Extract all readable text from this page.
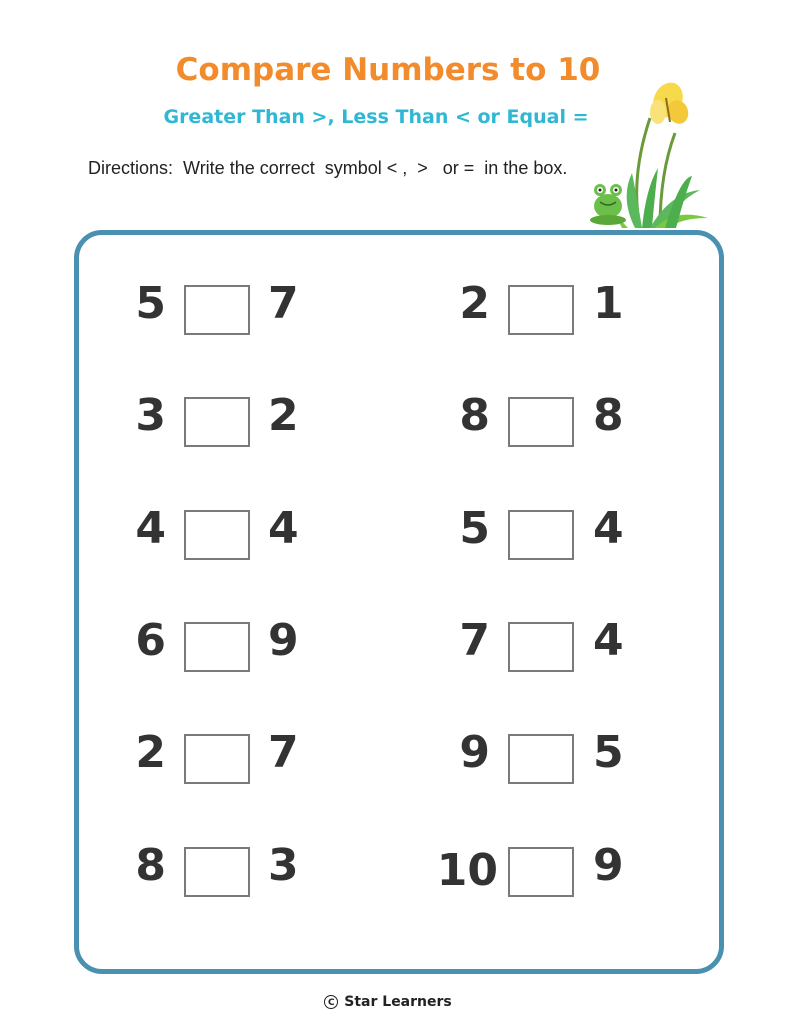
Compare Numbers to 10
Greater Than >, Less Than < or Equal =
Directions:  Write the correct  symbol < ,  >   or =  in the box.
5 7
3 2
4 4
6 9
2 7
8 3
2 1
8 8
5 4
7 4
9 5
10 9
C Star Learners
